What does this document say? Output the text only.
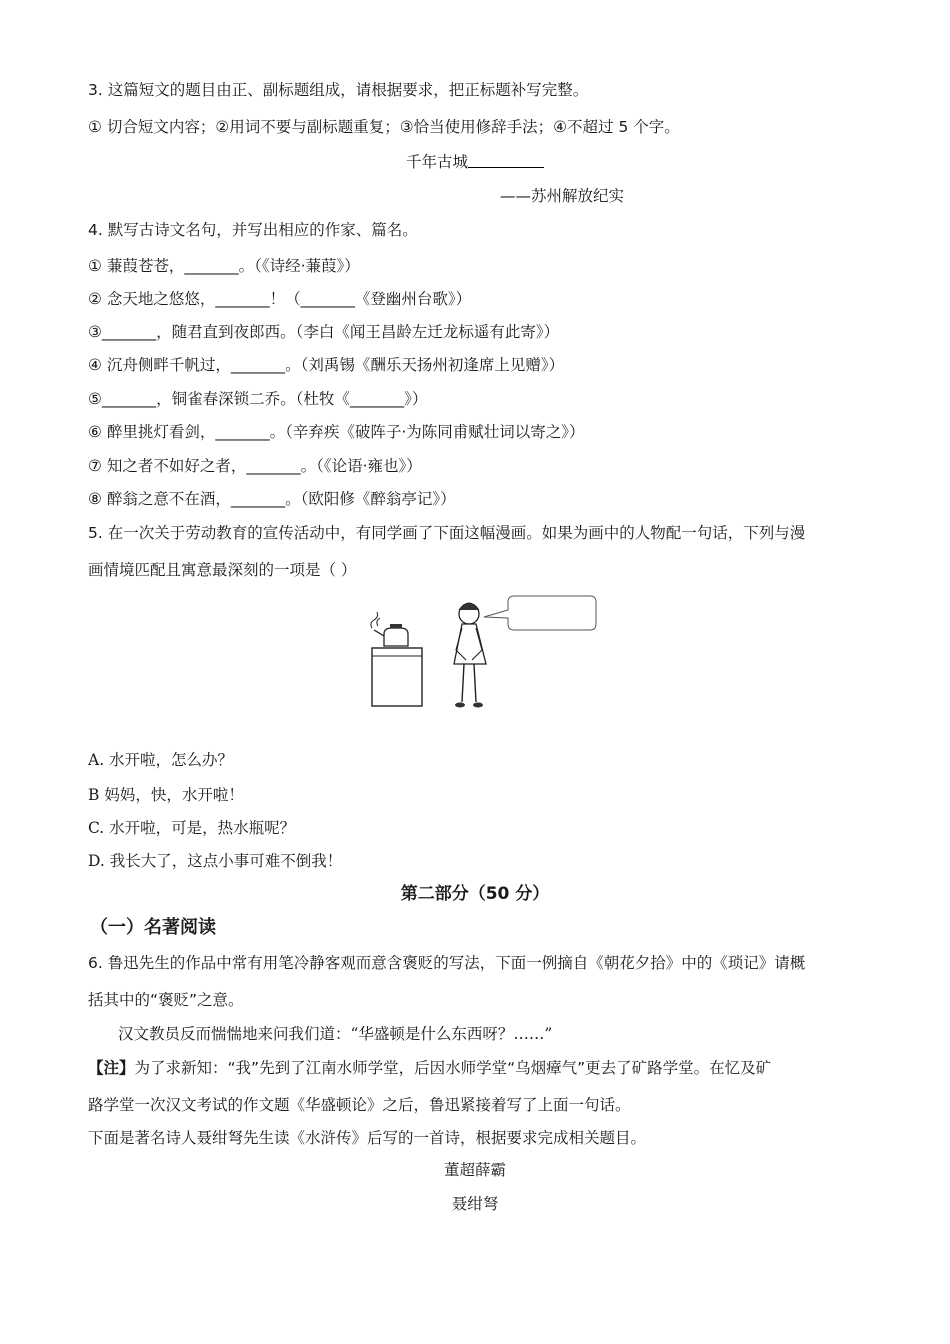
3. 这篇短文的题目由正、副标题组成，请根据要求，把正标题补写完整。
① 切合短文内容；②用词不要与副标题重复；③恰当使用修辞手法；④不超过 5 个字。
千年古城
——苏州解放纪实
4. 默写古诗文名句，并写出相应的作家、篇名。
① 蒹葭苍苍，_______。（《诗经·蒹葭》）
② 念天地之悠悠，_______！（_______《登幽州台歌》）
③_______，随君直到夜郎西。（李白《闻王昌龄左迁龙标遥有此寄》）
④ 沉舟侧畔千帆过，_______。（刘禹锡《酬乐天扬州初逢席上见赠》）
⑤_______，铜雀春深锁二乔。（杜牧《_______》）
⑥ 醉里挑灯看剑，_______。（辛弃疾《破阵子·为陈同甫赋壮词以寄之》）
⑦ 知之者不如好之者，_______。（《论语·雍也》）
⑧ 醉翁之意不在酒，_______。（欧阳修《醉翁亭记》）
5. 在一次关于劳动教育的宣传活动中，有同学画了下面这幅漫画。如果为画中的人物配一句话，下列与漫
画情境匹配且寓意最深刻的一项是（ ）
A. 水开啦，怎么办？
B 妈妈，快，水开啦！
C. 水开啦，可是，热水瓶呢？
D. 我长大了，这点小事可难不倒我！
第二部分（50 分）
（一）名著阅读
6. 鲁迅先生的作品中常有用笔冷静客观而意含褒贬的写法，下面一例摘自《朝花夕拾》中的《琐记》请概
括其中的“褒贬”之意。
汉文教员反而惴惴地来问我们道：“华盛顿是什么东西呀？……”
【注】为了求新知：“我”先到了江南水师学堂，后因水师学堂“乌烟瘴气”更去了矿路学堂。在忆及矿
路学堂一次汉文考试的作文题《华盛顿论》之后，鲁迅紧接着写了上面一句话。
下面是著名诗人聂绀弩先生读《水浒传》后写的一首诗，根据要求完成相关题目。
董超薛霸
聂绀弩
